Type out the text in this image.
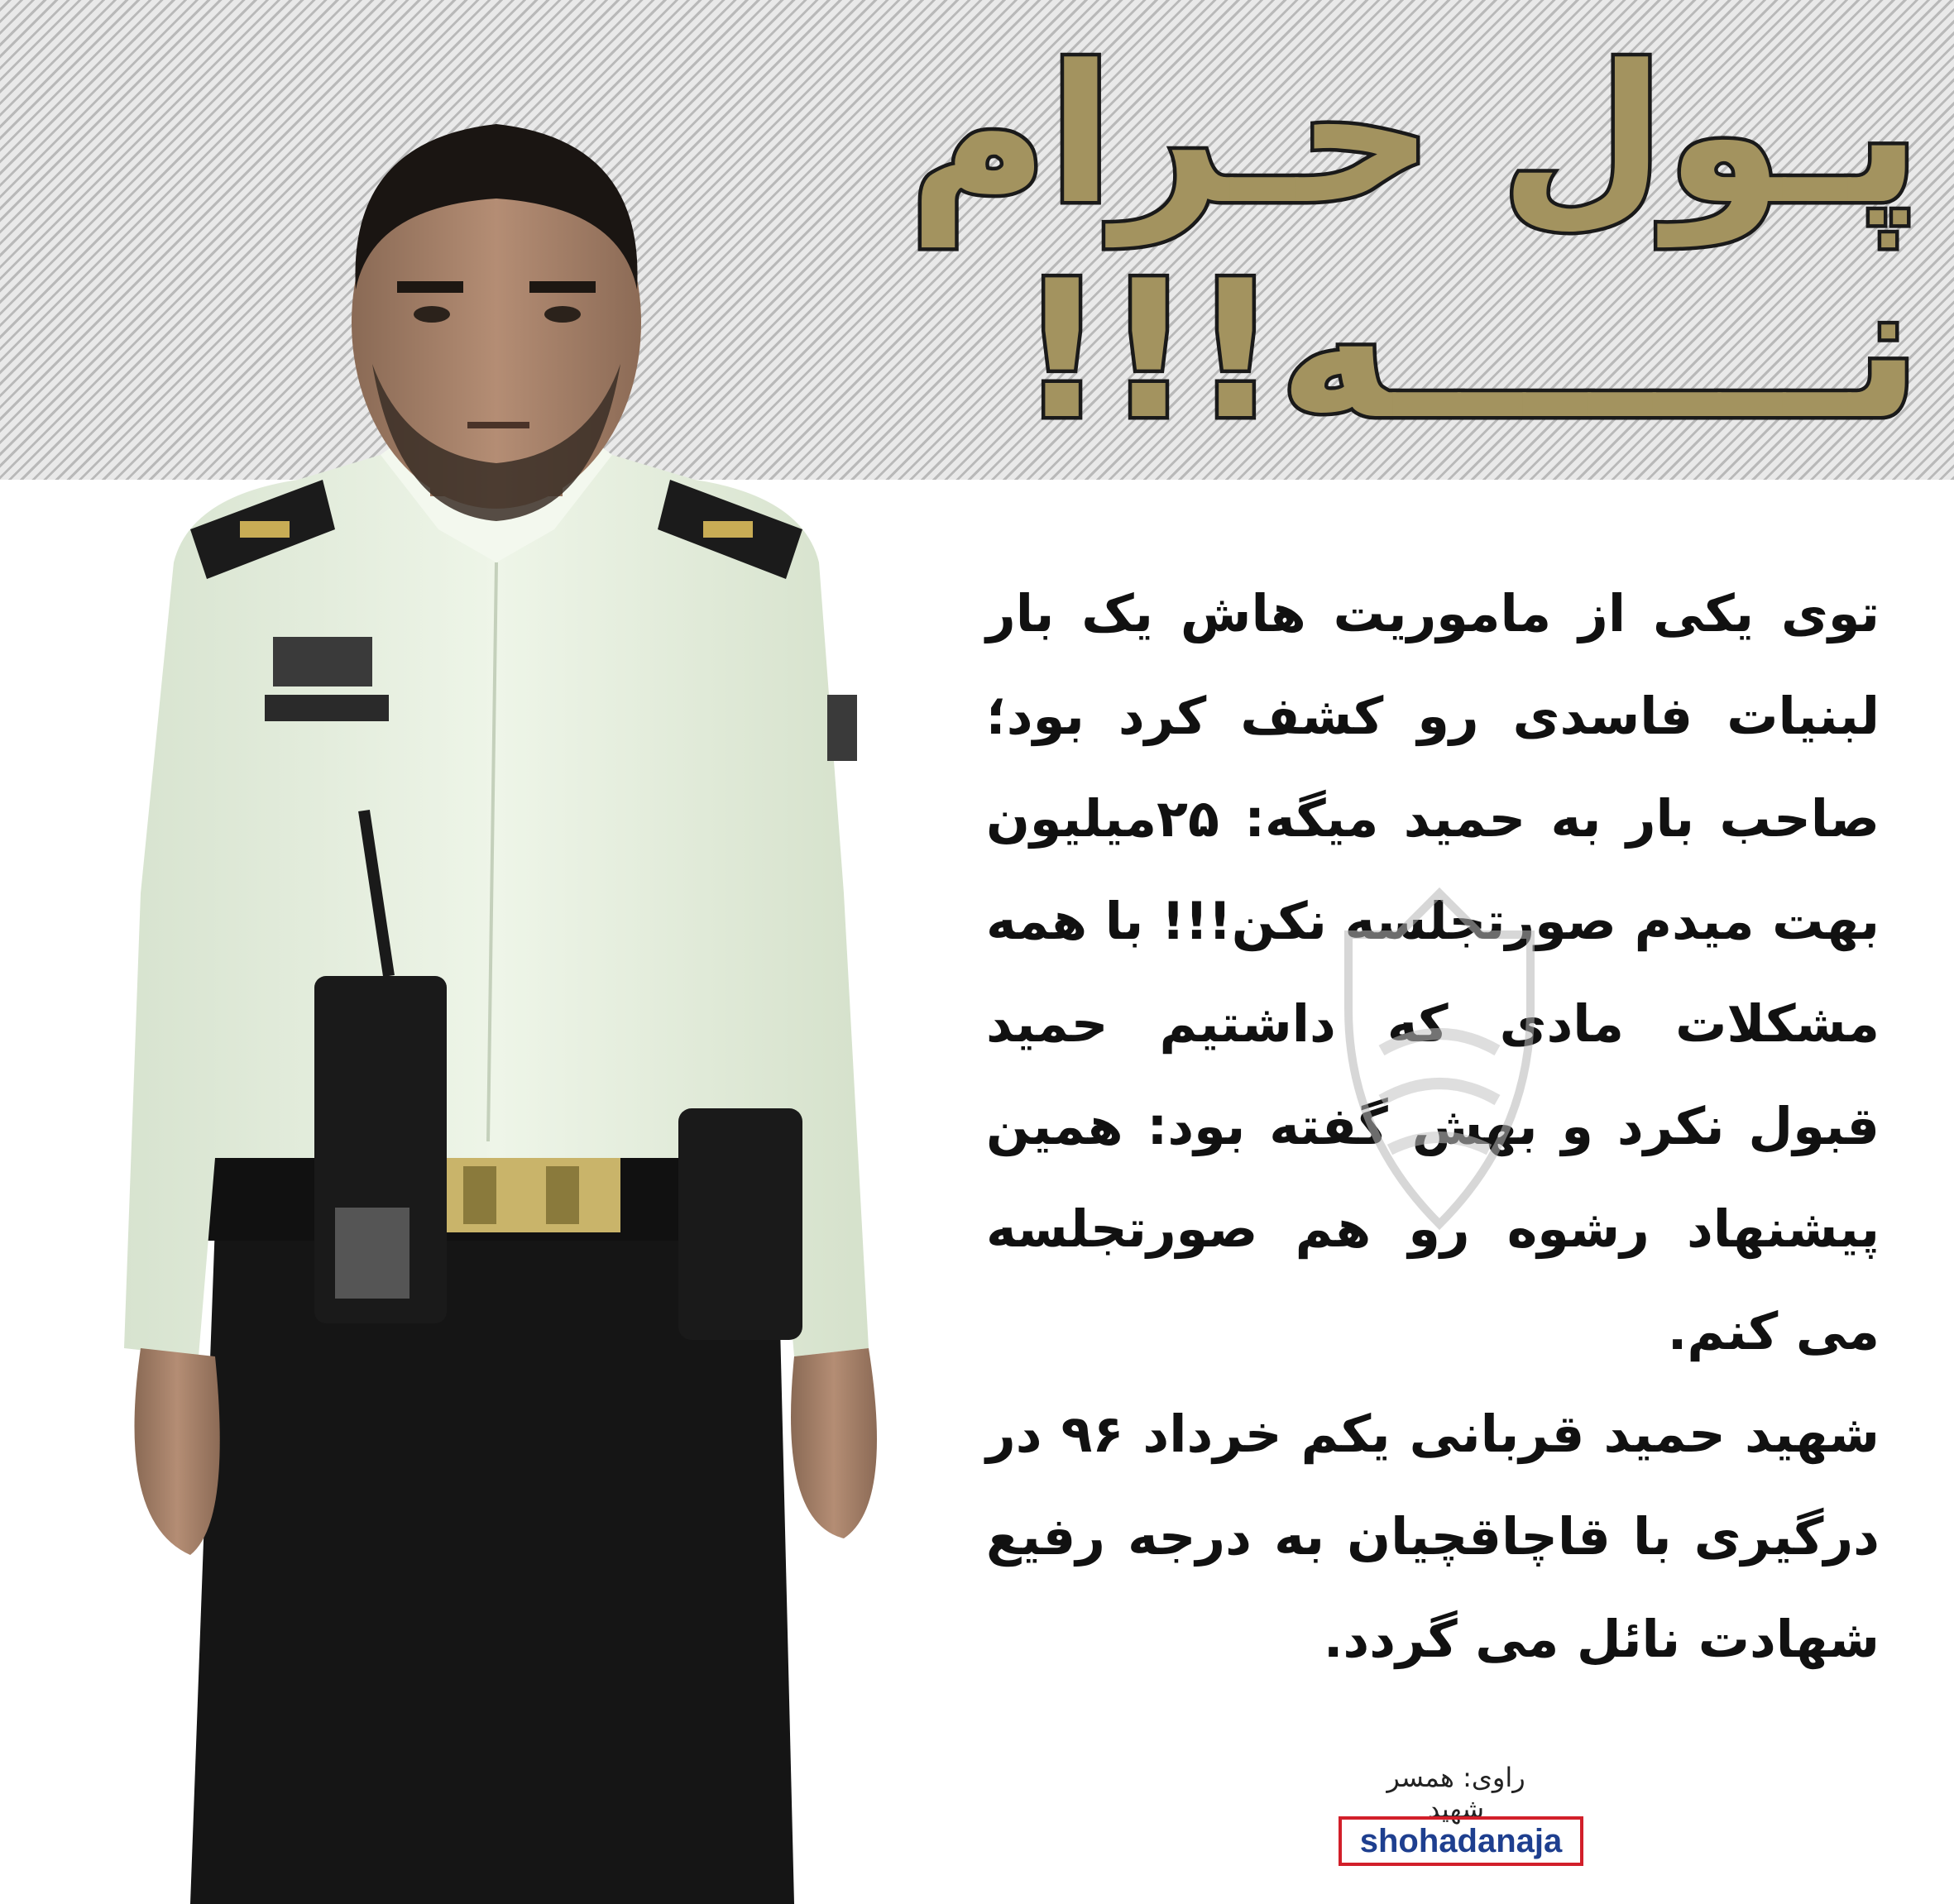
پـول حـرام
نـــــــه!!!

توی یکی از ماموریت هاش یک بار لبنیات فاسدی رو کشف کرد بود؛ صاحب بار به حمید میگه: ۲۵میلیون بهت میدم صورتجلسه نکن!!! با همه مشکلات مادی که داشتیم حمید قبول نکرد و بهش گفته بود: همین پیشنهاد رشوه رو هم صورتجلسه می کنم.

شهید حمید قربانی یکم خرداد ۹۶ در درگیری با قاچاقچیان به درجه رفیع شهادت نائل می گردد.

راوی: همسر شهید
shohadanaja
